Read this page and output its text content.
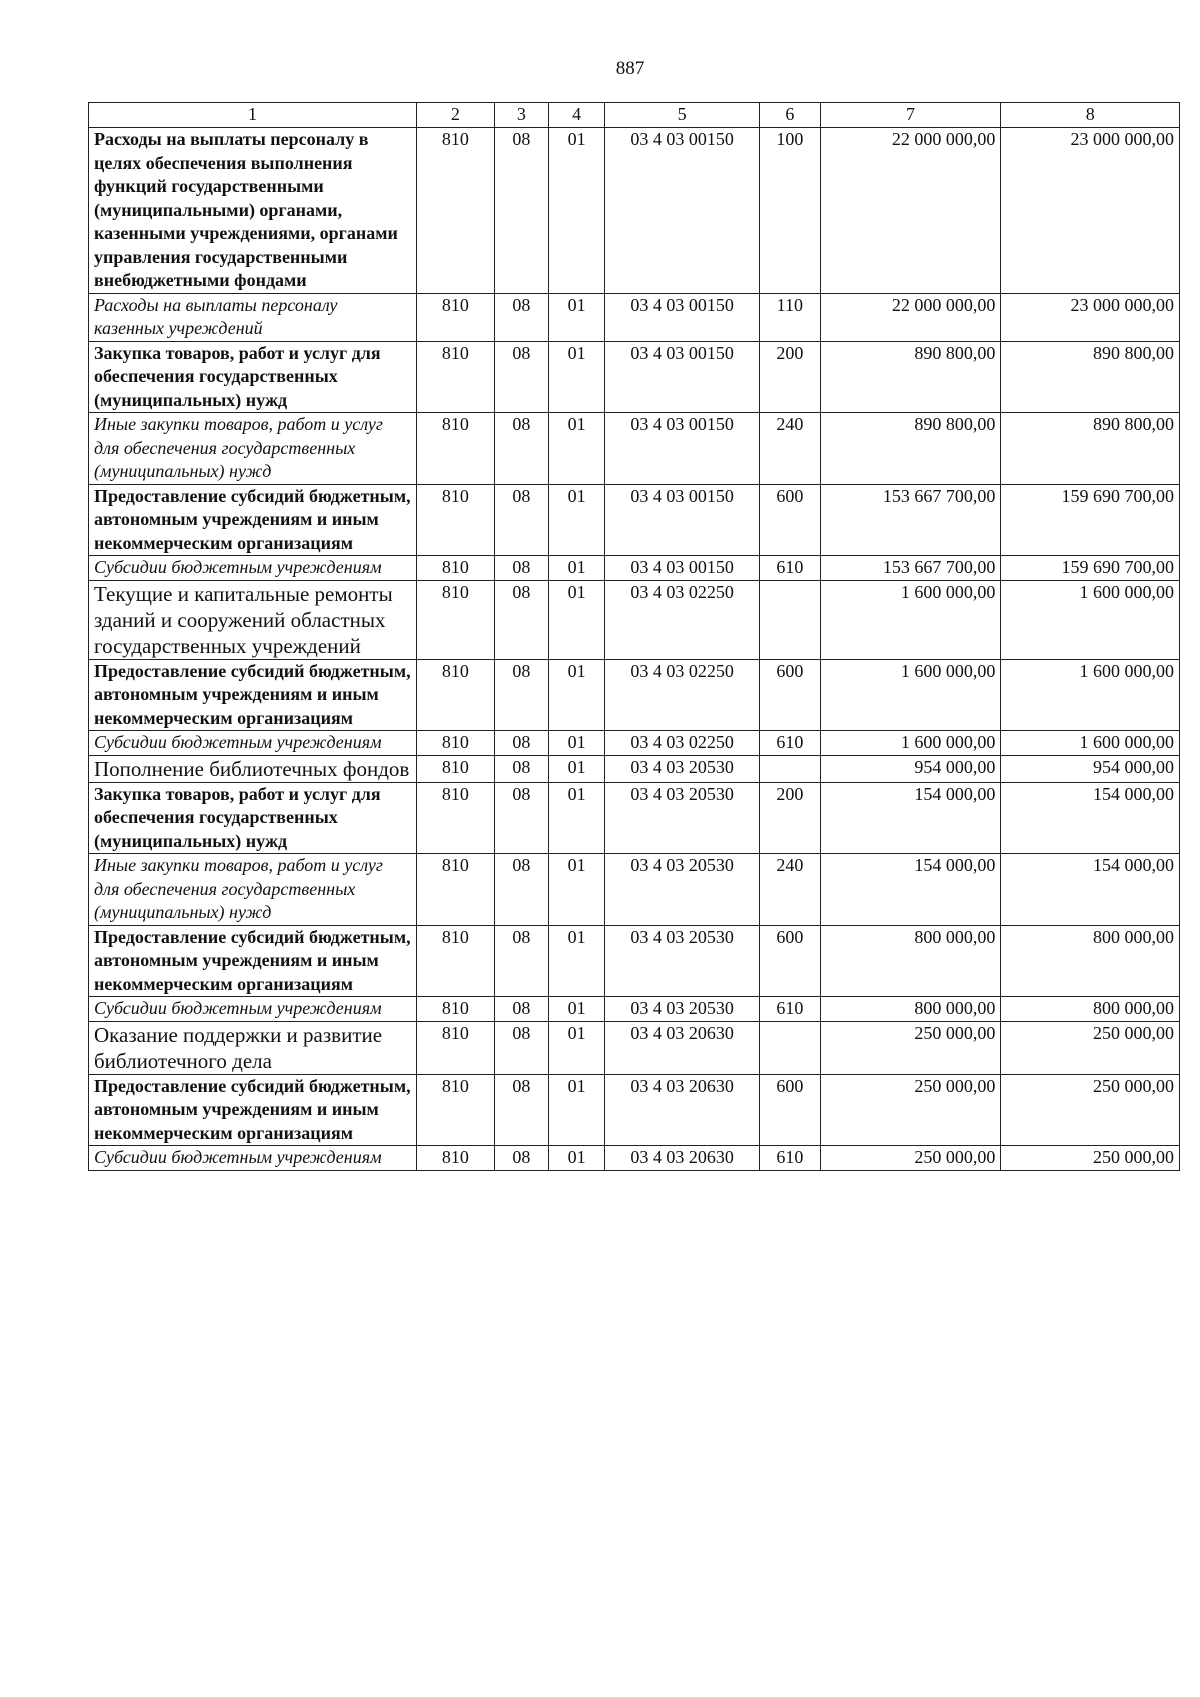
887
1	2	3	4	5	6	7	8
Расходы на выплаты персоналу в целях обеспечения выполнения функций государственными (муниципальными) органами, казенными учреждениями, органами управления государственными внебюджетными фондами	810	08	01	03 4 03 00150	100	22 000 000,00	23 000 000,00
Расходы на выплаты персоналу казенных учреждений	810	08	01	03 4 03 00150	110	22 000 000,00	23 000 000,00
Закупка товаров, работ и услуг для обеспечения государственных (муниципальных) нужд	810	08	01	03 4 03 00150	200	890 800,00	890 800,00
Иные закупки товаров, работ и услуг для обеспечения государственных (муниципальных) нужд	810	08	01	03 4 03 00150	240	890 800,00	890 800,00
Предоставление субсидий бюджетным, автономным учреждениям и иным некоммерческим организациям	810	08	01	03 4 03 00150	600	153 667 700,00	159 690 700,00
Субсидии бюджетным учреждениям	810	08	01	03 4 03 00150	610	153 667 700,00	159 690 700,00
Текущие и капитальные ремонты зданий и сооружений областных государственных учреждений	810	08	01	03 4 03 02250		1 600 000,00	1 600 000,00
Предоставление субсидий бюджетным, автономным учреждениям и иным некоммерческим организациям	810	08	01	03 4 03 02250	600	1 600 000,00	1 600 000,00
Субсидии бюджетным учреждениям	810	08	01	03 4 03 02250	610	1 600 000,00	1 600 000,00
Пополнение библиотечных фондов	810	08	01	03 4 03 20530		954 000,00	954 000,00
Закупка товаров, работ и услуг для обеспечения государственных (муниципальных) нужд	810	08	01	03 4 03 20530	200	154 000,00	154 000,00
Иные закупки товаров, работ и услуг для обеспечения государственных (муниципальных) нужд	810	08	01	03 4 03 20530	240	154 000,00	154 000,00
Предоставление субсидий бюджетным, автономным учреждениям и иным некоммерческим организациям	810	08	01	03 4 03 20530	600	800 000,00	800 000,00
Субсидии бюджетным учреждениям	810	08	01	03 4 03 20530	610	800 000,00	800 000,00
Оказание поддержки и развитие библиотечного дела	810	08	01	03 4 03 20630		250 000,00	250 000,00
Предоставление субсидий бюджетным, автономным учреждениям и иным некоммерческим организациям	810	08	01	03 4 03 20630	600	250 000,00	250 000,00
Субсидии бюджетным учреждениям	810	08	01	03 4 03 20630	610	250 000,00	250 000,00
